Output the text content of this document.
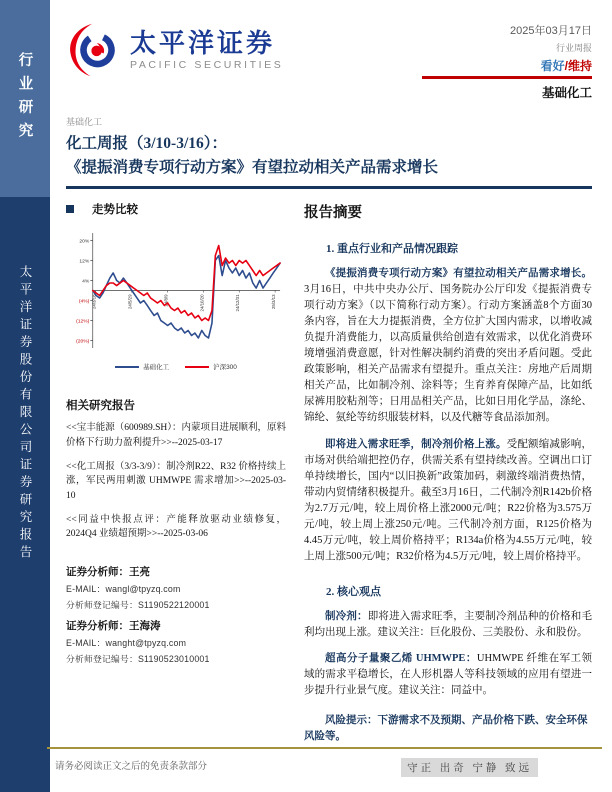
行业研究
太平洋证券股份有限公司证券研究报告
太平洋证券
PACIFIC SECURITIES
2025年03月17日
行业周报
看好/维持
基础化工
基础化工
化工周报（3/10-3/16）：
《提振消费专项行动方案》有望拉动相关产品需求增长
走势比较
20%
12%
4%
(4%)
(12%)
(20%)
24/3/18	24/5/29	24/8/9	24/10/20	24/12/31	25/3/13
基础化工	沪深300
相关研究报告

<<宝丰能源（600989.SH）：内蒙项目进展顺利，原料价格下行助力盈利提升>>--2025-03-17

<<化工周报（3/3-3/9）：制冷剂R22、R32 价格持续上涨，军民两用刺激 UHMWPE 需求增加>>--2025-03-10

<<同益中快报点评：产能释放驱动业绩修复，2024Q4 业绩超预期>>--2025-03-06

证券分析师：王亮
E-MAIL：wangl@tpyzq.com
分析师登记编号：S1190522120001
证券分析师：王海涛
E-MAIL：wanght@tpyzq.com
分析师登记编号：S1190523010001
报告摘要
1. 重点行业和产品情况跟踪

《提振消费专项行动方案》有望拉动相关产品需求增长。3月16日，中共中央办公厅、国务院办公厅印发《提振消费专项行动方案》（以下简称行动方案）。行动方案涵盖8个方面30条内容，旨在大力提振消费，全方位扩大国内需求，以增收减负提升消费能力，以高质量供给创造有效需求，以优化消费环境增强消费意愿，针对性解决制约消费的突出矛盾问题。受此政策影响，相关产品需求有望提升。重点关注：房地产后周期相关产品，比如制冷剂、涂料等；生育养育保障产品，比如纸尿裤用胶粘剂等；日用品相关产品，比如日用化学品，涤纶、锦纶、氨纶等纺织服装材料，以及代糖等食品添加剂。

即将进入需求旺季，制冷剂价格上涨。受配额缩减影响，市场对供给端把控仍存，供需关系有望持续改善。空调出口订单持续增长，国内“以旧换新”政策加码，刺激终端消费热情，带动内贸情绪积极提升。截至3月16日，二代制冷剂R142b价格为2.7万元/吨，较上周价格上涨2000元/吨；R22价格为3.575万元/吨，较上周上涨250元/吨。三代制冷剂方面，R125价格为4.45万元/吨，较上周价格持平；R134a价格为4.55万元/吨，较上周上涨500元/吨；R32价格为4.5万元/吨，较上周价格持平。

2. 核心观点

制冷剂：即将进入需求旺季，主要制冷剂品种的价格和毛利均出现上涨。建议关注：巨化股份、三美股份、永和股份。

超高分子量聚乙烯 UHMWPE：UHMWPE 纤维在军工领域的需求平稳增长，在人形机器人等科技领域的应用有望进一步提升行业景气度。建议关注：同益中。

风险提示：下游需求不及预期、产品价格下跌、安全环保风险等。
请务必阅读正文之后的免责条款部分	守正 出奇 宁静 致远
